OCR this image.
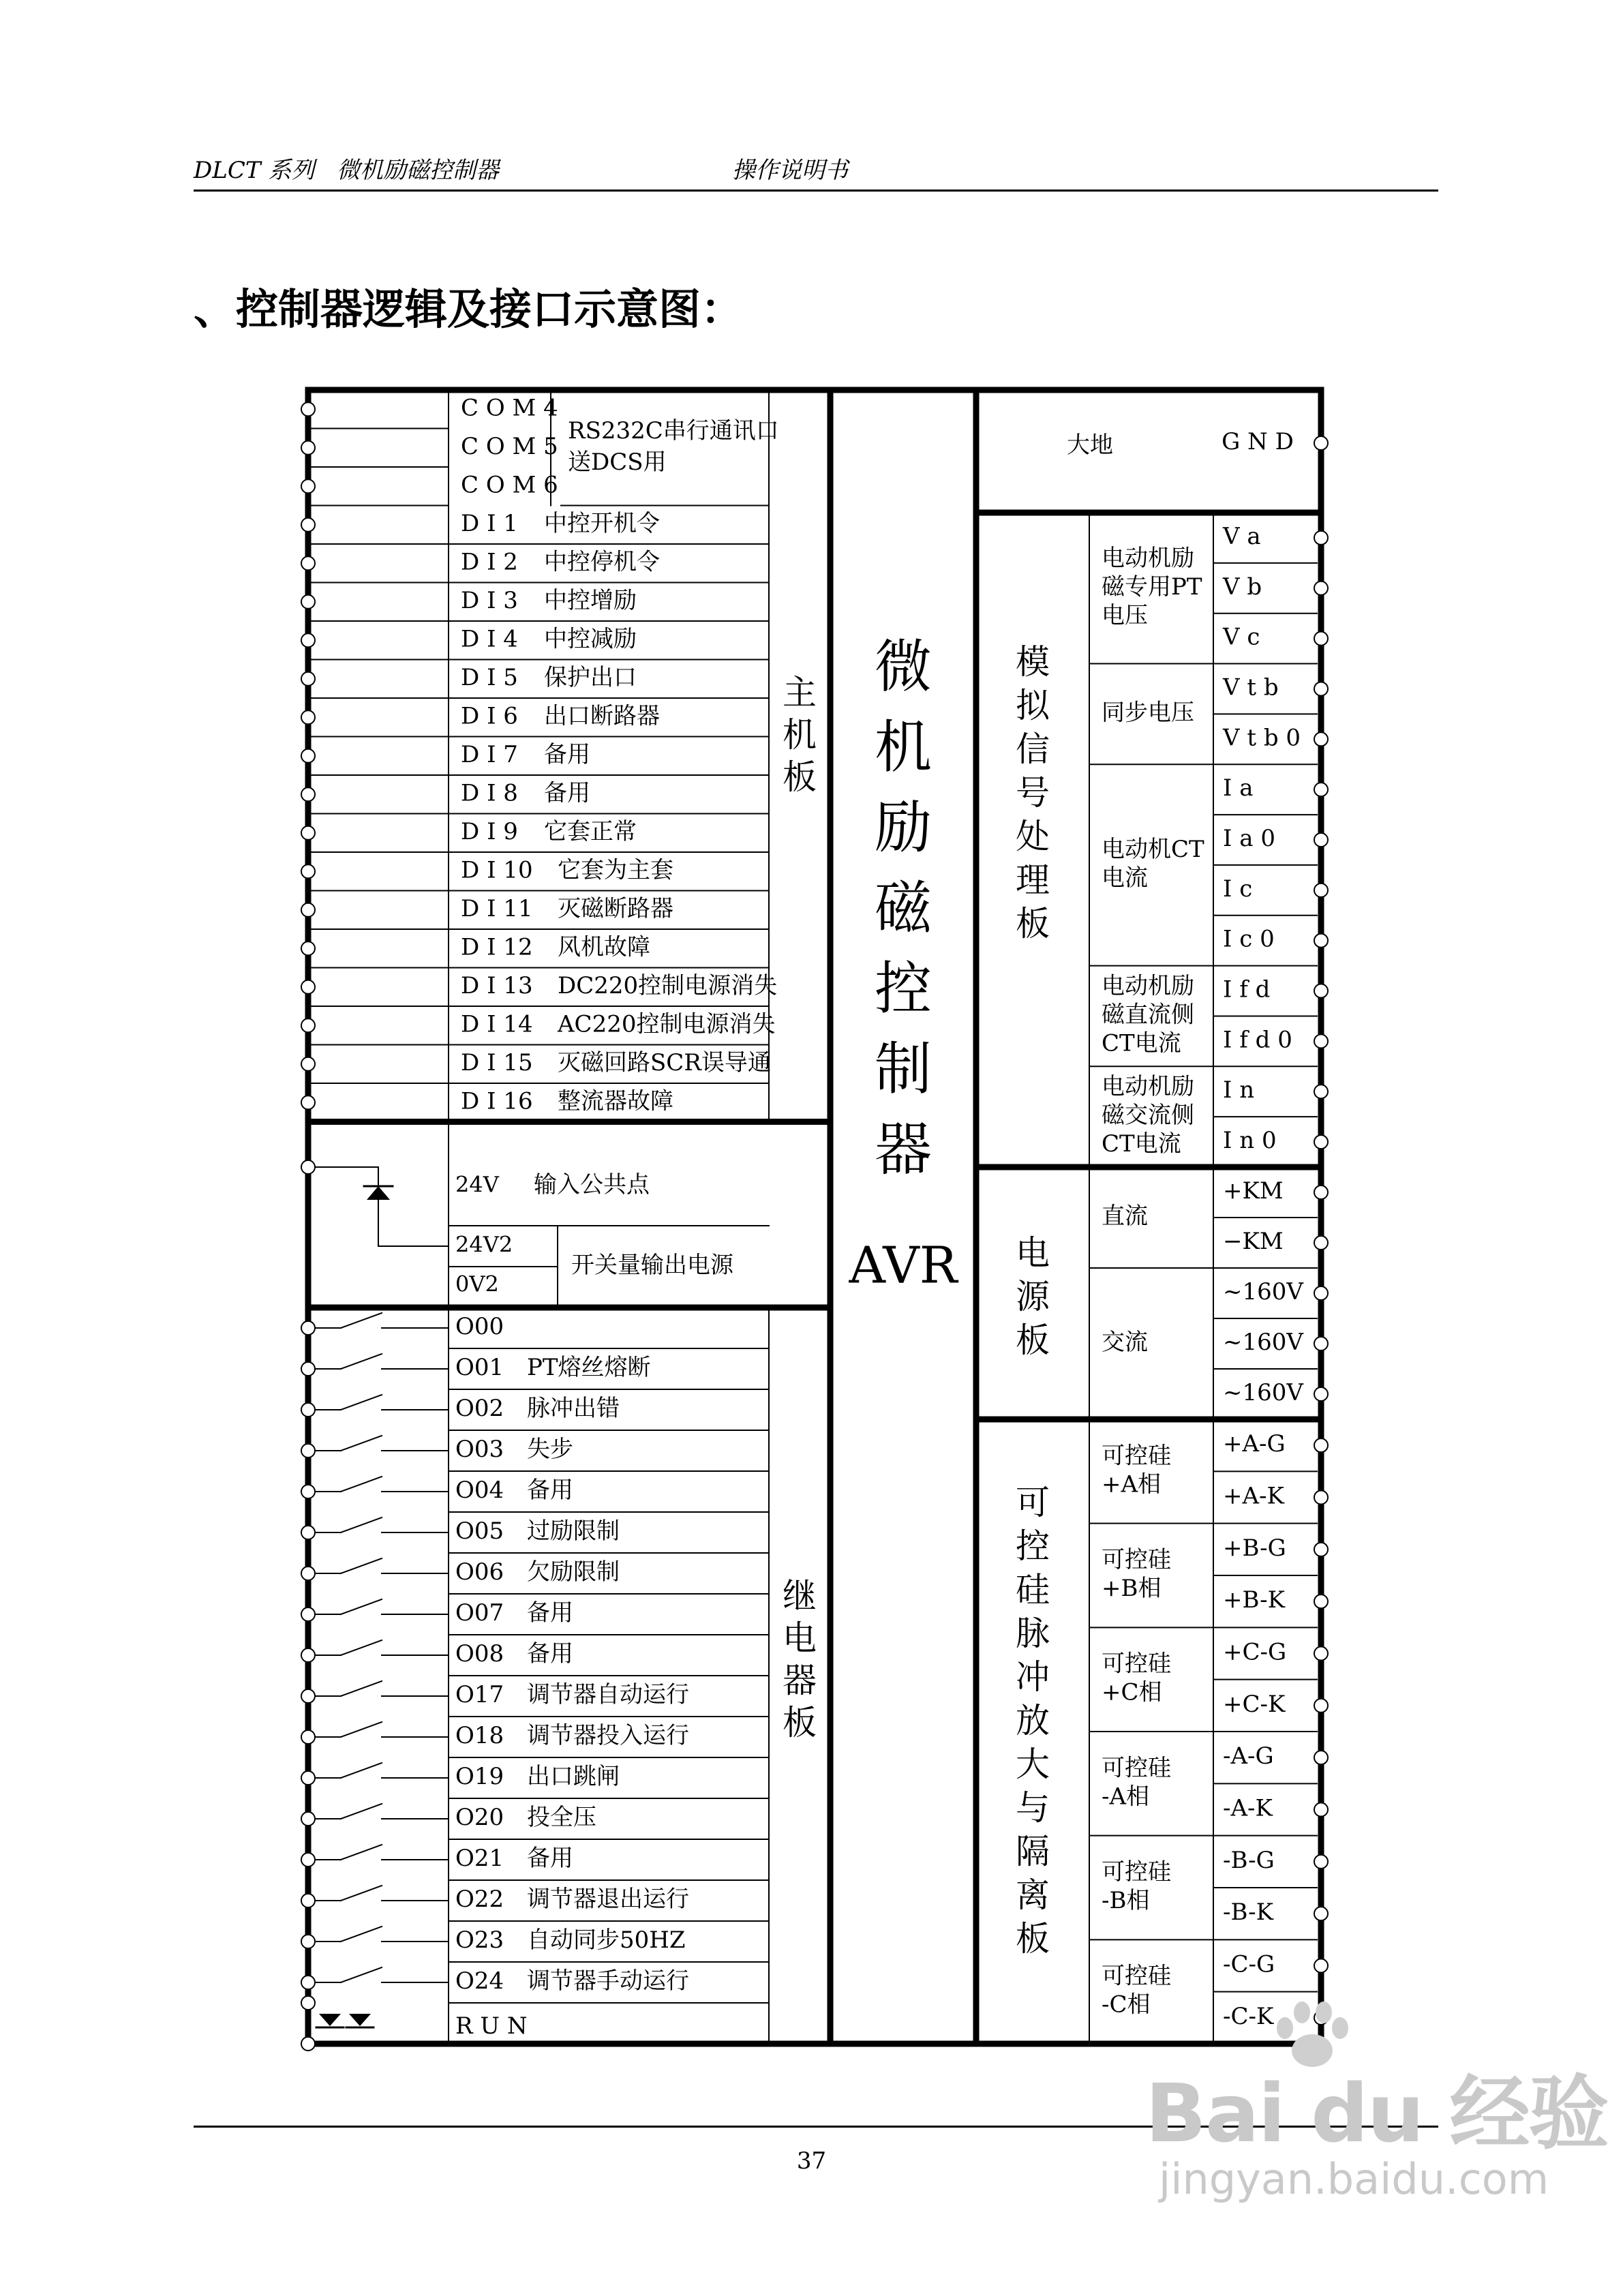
DLCT 系列 微机励磁控制器	操作说明书
、控制器逻辑及接口示意图：
C O M 4
C O M 5
C O M 6
D I 1 中控开机令
D I 2 中控停机令
D I 3 中控增励
D I 4 中控减励
D I 5 保护出口
D I 6 出口断路器
D I 7 备用
D I 8 备用
D I 9 它套正常
D I 10 它套为主套
D I 11 灭磁断路器
D I 12 风机故障
D I 13 DC220控制电源消失
D I 14 AC220控制电源消失
D I 15 灭磁回路SCR误导通
D I 16 整流器故障
RS232C串行通讯口
送DCS用
主
机
板
24V 输入公共点
24V2
0V2
开关量输出电源
O00
O01 PT熔丝熔断
O02 脉冲出错
O03 失步
O04 备用
O05 过励限制
O06 欠励限制
O07 备用
O08 备用
O17 调节器自动运行
O18 调节器投入运行
O19 出口跳闸
O20 投全压
O21 备用
O22 调节器退出运行
O23 自动同步50HZ
O24 调节器手动运行
R U N
继
电
器
板
微
机
励
磁
控
制
器
AVR
大地	G N D
电动机励
磁专用PT
电压
V a
V b
V c
同步电压
V t b
V t b 0
电动机CT
电流
I a
I a 0
I c
I c 0
电动机励
磁直流侧
CT电流
I f d
I f d 0
电动机励
磁交流侧
CT电流
I n
I n 0
模
拟
信
号
处
理
板
直流
+KM
−KM
交流
~160V
~160V
~160V
电
源
板
可控硅
+A相
+A-G
+A-K
可控硅
+B相
+B-G
+B-K
可控硅
+C相
+C-G
+C-K
可控硅
-A相
-A-G
-A-K
可控硅
-B相
-B-G
-B-K
可控硅
-C相
-C-G
-C-K
可
控
硅
脉
冲
放
大
与
隔
离
板
37
Bai du 经验
jingyan.baidu.com
